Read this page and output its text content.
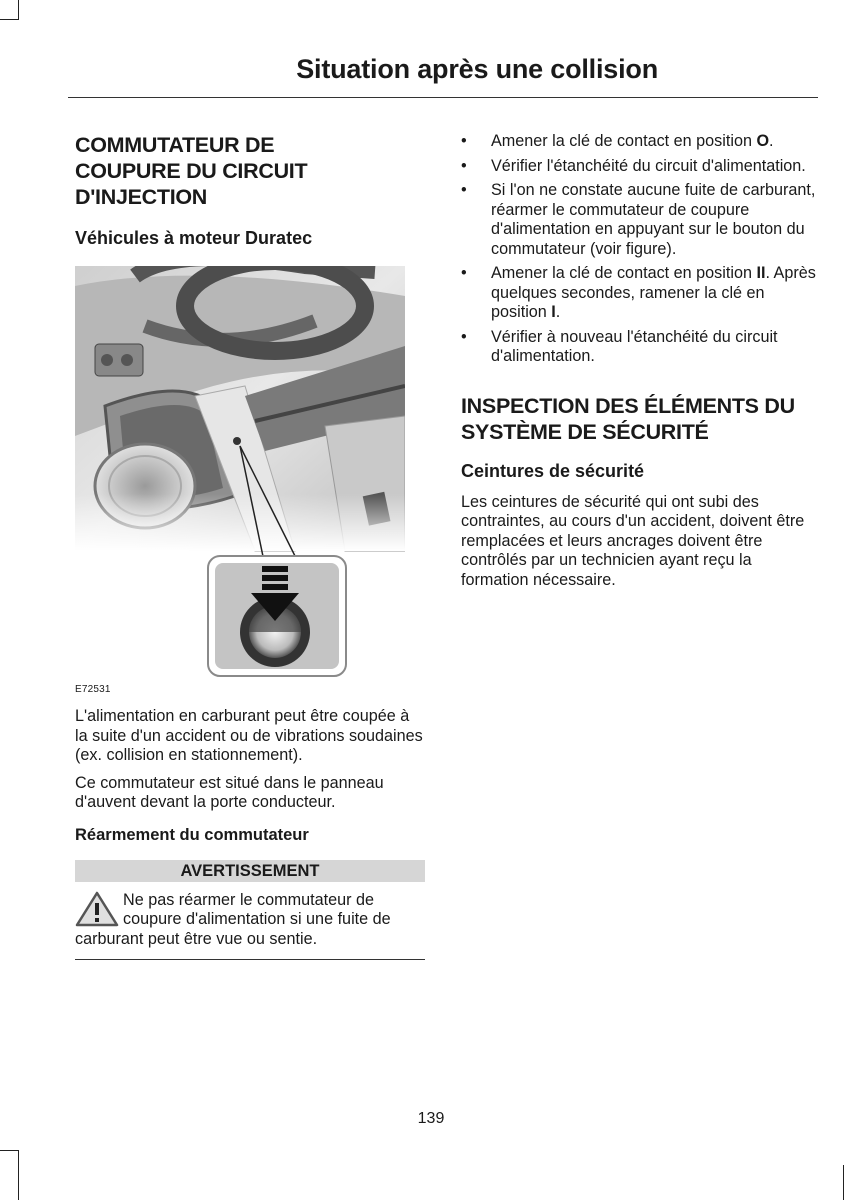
Situation après une collision
COMMUTATEUR DE COUPURE DU CIRCUIT D'INJECTION
Véhicules à moteur Duratec
E72531

L'alimentation en carburant peut être coupée à la suite d'un accident ou de vibrations soudaines (ex. collision en stationnement).

Ce commutateur est situé dans le panneau d'auvent devant la porte conducteur.

Réarmement du commutateur
AVERTISSEMENT
Ne pas réarmer le commutateur de coupure d'alimentation si une fuite de carburant peut être vue ou sentie.
• Amener la clé de contact en position O.
• Vérifier l'étanchéité du circuit d'alimentation.
• Si l'on ne constate aucune fuite de carburant, réarmer le commutateur de coupure d'alimentation en appuyant sur le bouton du commutateur (voir figure).
• Amener la clé de contact en position II. Après quelques secondes, ramener la clé en position I.
• Vérifier à nouveau l'étanchéité du circuit d'alimentation.
INSPECTION DES ÉLÉMENTS DU SYSTÈME DE SÉCURITÉ
Ceintures de sécurité

Les ceintures de sécurité qui ont subi des contraintes, au cours d'un accident, doivent être remplacées et leurs ancrages doivent être contrôlés par un technicien ayant reçu la formation nécessaire.

139
